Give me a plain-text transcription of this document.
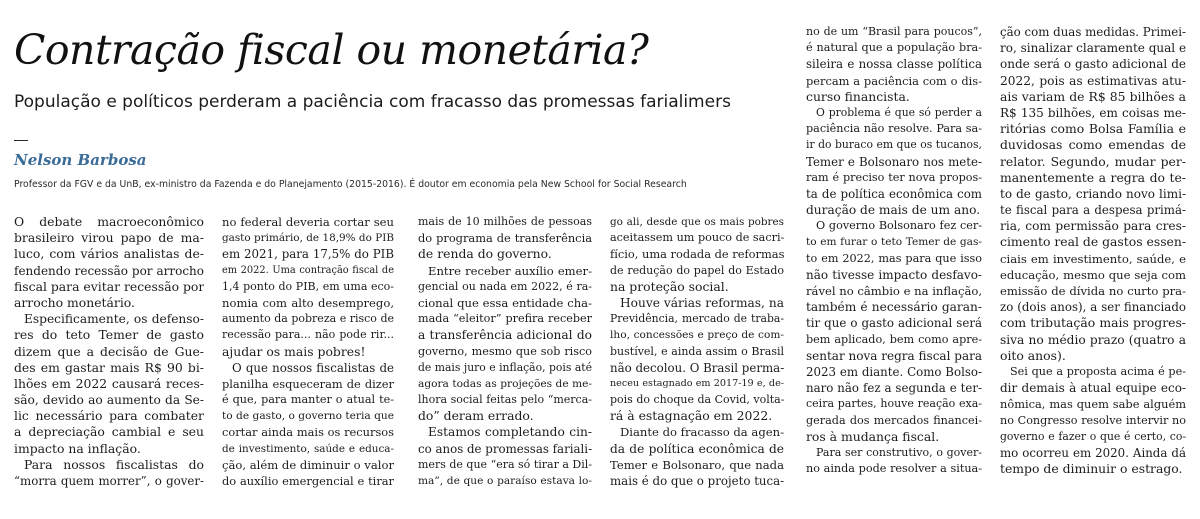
Contração fiscal ou monetária?

População e políticos perderam a paciência com fracasso das promessas farialimers

Nelson Barbosa

Professor da FGV e da UnB, ex-ministro da Fazenda e do Planejamento (2015-2016). É doutor em economia pela New School for Social Research

O debate macroeconômico
brasileiro virou papo de ma-
luco, com vários analistas de-
fendendo recessão por arrocho
fiscal para evitar recessão por
arrocho monetário.
Especificamente, os defenso-
res do teto Temer de gasto
dizem que a decisão de Gue-
des em gastar mais R$ 90 bi-
lhões em 2022 causará reces-
são, devido ao aumento da Se-
lic necessário para combater
a depreciação cambial e seu
impacto na inflação.
Para nossos fiscalistas do
“morra quem morrer”, o gover-
no federal deveria cortar seu
gasto primário, de 18,9% do PIB
em 2021, para 17,5% do PIB
em 2022. Uma contração fiscal de
1,4 ponto do PIB, em uma eco-
nomia com alto desemprego,
aumento da pobreza e risco de
recessão para... não pode rir...
ajudar os mais pobres!
O que nossos fiscalistas de
planilha esqueceram de dizer
é que, para manter o atual te-
to de gasto, o governo teria que
cortar ainda mais os recursos
de investimento, saúde e educa-
ção, além de diminuir o valor
do auxílio emergencial e tirar
mais de 10 milhões de pessoas
do programa de transferência
de renda do governo.
Entre receber auxílio emer-
gencial ou nada em 2022, é ra-
cional que essa entidade cha-
mada “eleitor” prefira receber
a transferência adicional do
governo, mesmo que sob risco
de mais juro e inflação, pois até
agora todas as projeções de me-
lhora social feitas pelo “merca-
do” deram errado.
Estamos completando cin-
co anos de promessas fariali-
mers de que “era só tirar a Dil-
ma”, de que o paraíso estava lo-
go ali, desde que os mais pobres
aceitassem um pouco de sacri-
fício, uma rodada de reformas
de redução do papel do Estado
na proteção social.
Houve várias reformas, na
Previdência, mercado de traba-
lho, concessões e preço de com-
bustível, e ainda assim o Brasil
não decolou. O Brasil perma-
neceu estagnado em 2017-19 e, de-
pois do choque da Covid, volta-
rá à estagnação em 2022.
Diante do fracasso da agen-
da de política econômica de
Temer e Bolsonaro, que nada
mais é do que o projeto tuca-
no de um “Brasil para poucos”,
é natural que a população bra-
sileira e nossa classe política
percam a paciência com o dis-
curso financista.
O problema é que só perder a
paciência não resolve. Para sa-
ir do buraco em que os tucanos,
Temer e Bolsonaro nos mete-
ram é preciso ter nova propos-
ta de política econômica com
duração de mais de um ano.
O governo Bolsonaro fez cer-
to em furar o teto Temer de gas-
to em 2022, mas para que isso
não tivesse impacto desfavo-
rável no câmbio e na inflação,
também é necessário garan-
tir que o gasto adicional será
bem aplicado, bem como apre-
sentar nova regra fiscal para
2023 em diante. Como Bolso-
naro não fez a segunda e ter-
ceira partes, houve reação exa-
gerada dos mercados financei-
ros à mudança fiscal.
Para ser construtivo, o gover-
no ainda pode resolver a situa-
ção com duas medidas. Primei-
ro, sinalizar claramente qual e
onde será o gasto adicional de
2022, pois as estimativas atu-
ais variam de R$ 85 bilhões a
R$ 135 bilhões, em coisas me-
ritórias como Bolsa Família e
duvidosas como emendas de
relator. Segundo, mudar per-
manentemente a regra do te-
to de gasto, criando novo limi-
te fiscal para a despesa primá-
ria, com permissão para cres-
cimento real de gastos essen-
ciais em investimento, saúde, e
educação, mesmo que seja com
emissão de dívida no curto pra-
zo (dois anos), a ser financiado
com tributação mais progres-
siva no médio prazo (quatro a
oito anos).
Sei que a proposta acima é pe-
dir demais à atual equipe eco-
nômica, mas quem sabe alguém
no Congresso resolve intervir no
governo e fazer o que é certo, co-
mo ocorreu em 2020. Ainda dá
tempo de diminuir o estrago.
